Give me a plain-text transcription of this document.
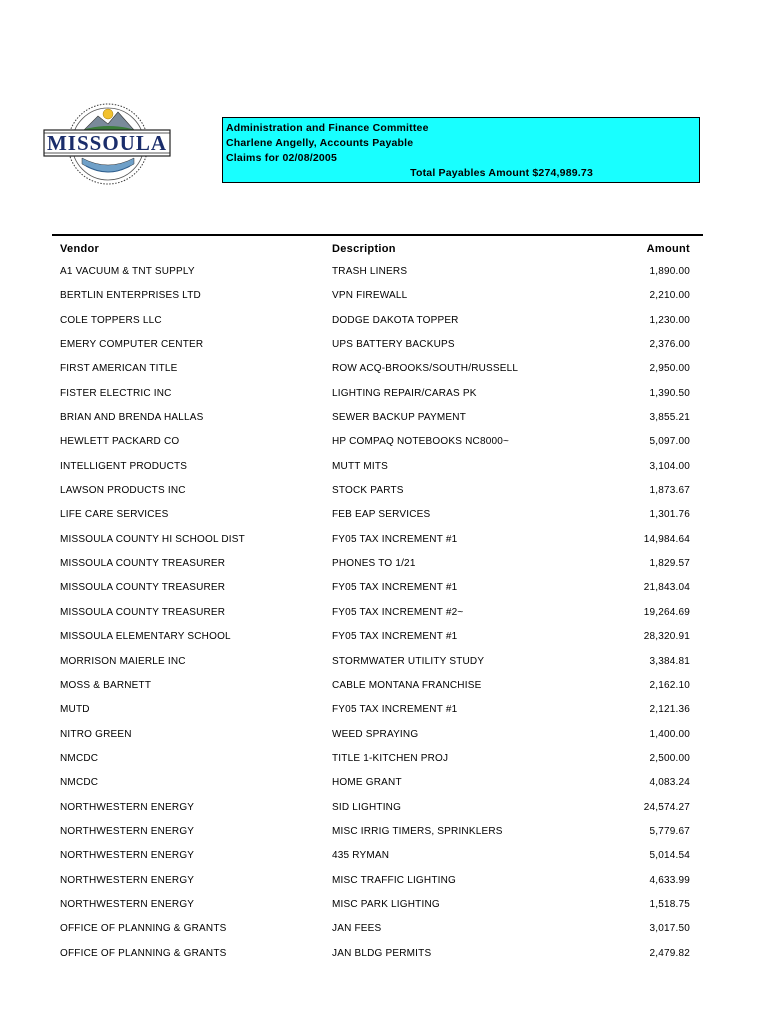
MISSOULA
Administration and Finance Committee
Charlene Angelly, Accounts Payable
Claims for 02/08/2005
Total Payables Amount $274,989.73
Vendor	Description	Amount
A1 VACUUM & TNT SUPPLY	TRASH LINERS	1,890.00
BERTLIN ENTERPRISES LTD	VPN FIREWALL	2,210.00
COLE TOPPERS LLC	DODGE DAKOTA TOPPER	1,230.00
EMERY COMPUTER CENTER	UPS BATTERY BACKUPS	2,376.00
FIRST AMERICAN TITLE	ROW ACQ-BROOKS/SOUTH/RUSSELL	2,950.00
FISTER ELECTRIC INC	LIGHTING REPAIR/CARAS PK	1,390.50
BRIAN AND BRENDA HALLAS	SEWER BACKUP PAYMENT	3,855.21
HEWLETT PACKARD CO	HP COMPAQ NOTEBOOKS NC8000~	5,097.00
INTELLIGENT PRODUCTS	MUTT MITS	3,104.00
LAWSON PRODUCTS INC	STOCK PARTS	1,873.67
LIFE CARE SERVICES	FEB EAP SERVICES	1,301.76
MISSOULA COUNTY HI SCHOOL DIST	FY05 TAX INCREMENT #1	14,984.64
MISSOULA COUNTY TREASURER	PHONES TO 1/21	1,829.57
MISSOULA COUNTY TREASURER	FY05 TAX INCREMENT #1	21,843.04
MISSOULA COUNTY TREASURER	FY05 TAX INCREMENT #2~	19,264.69
MISSOULA ELEMENTARY SCHOOL	FY05 TAX INCREMENT #1	28,320.91
MORRISON MAIERLE INC	STORMWATER UTILITY STUDY	3,384.81
MOSS & BARNETT	CABLE MONTANA FRANCHISE	2,162.10
MUTD	FY05 TAX INCREMENT #1	2,121.36
NITRO GREEN	WEED SPRAYING	1,400.00
NMCDC	TITLE 1-KITCHEN PROJ	2,500.00
NMCDC	HOME GRANT	4,083.24
NORTHWESTERN ENERGY	SID LIGHTING	24,574.27
NORTHWESTERN ENERGY	MISC IRRIG TIMERS, SPRINKLERS	5,779.67
NORTHWESTERN ENERGY	435 RYMAN	5,014.54
NORTHWESTERN ENERGY	MISC TRAFFIC LIGHTING	4,633.99
NORTHWESTERN ENERGY	MISC PARK LIGHTING	1,518.75
OFFICE OF PLANNING & GRANTS	JAN FEES	3,017.50
OFFICE OF PLANNING & GRANTS	JAN BLDG PERMITS	2,479.82
